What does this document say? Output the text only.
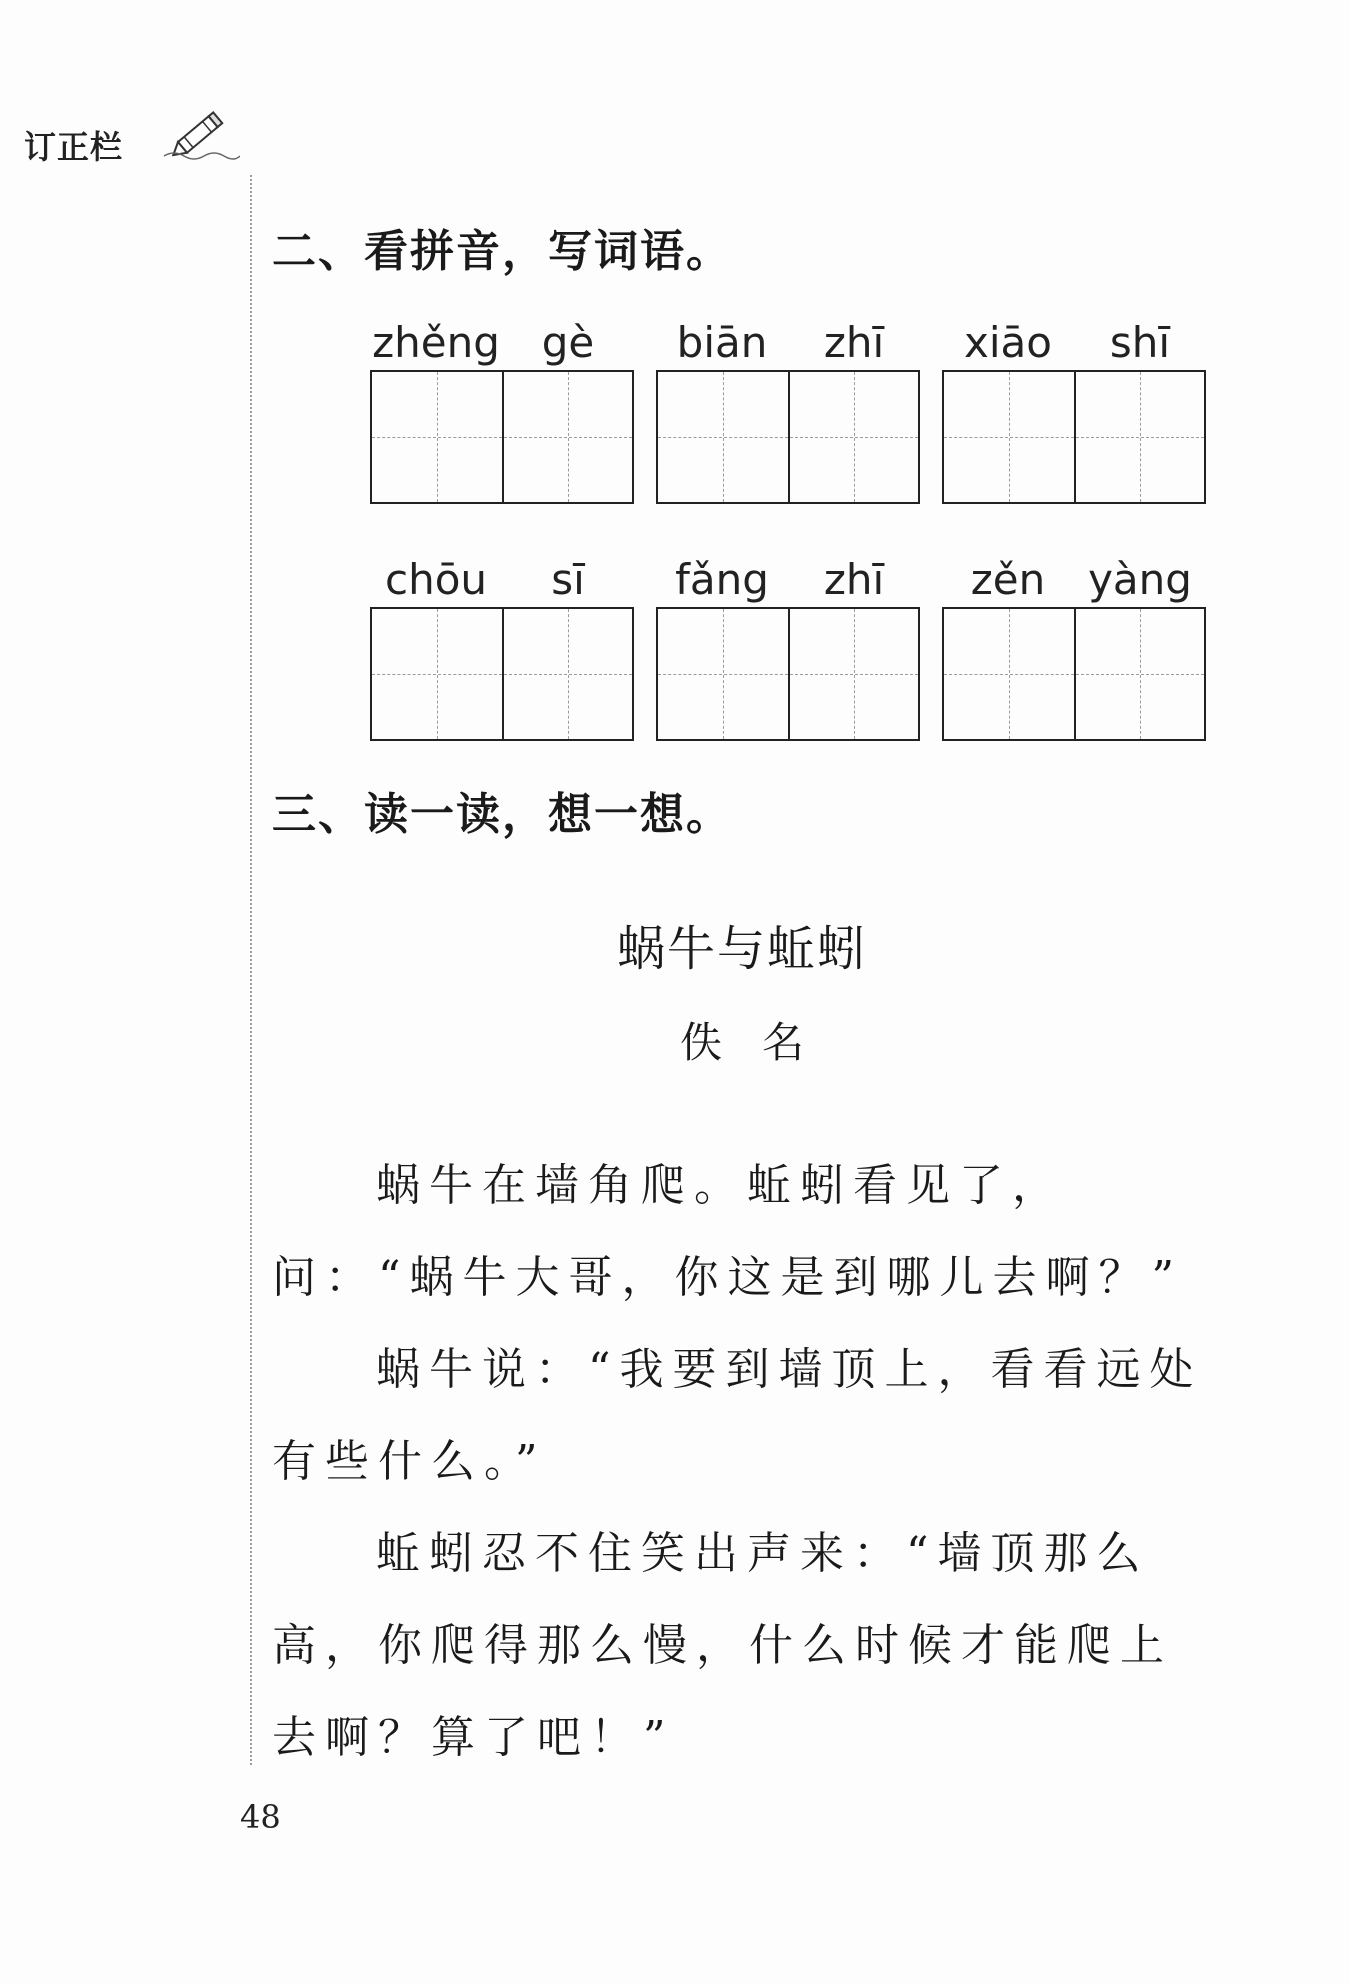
订正栏
二、看拼音，写词语。
zhěng gè	biān	zhī	xiāo	shī
chōu	sī	fǎng	zhī	zěn	yàng
三、读一读，想一想。
蜗牛与蚯蚓
佚名

蜗牛在墙角爬。蚯蚓看见了，问：“蜗牛大哥，你这是到哪儿去啊？”

蜗牛说：“我要到墙顶上，看看远处有些什么。”

蚯蚓忍不住笑出声来：“墙顶那么高，你爬得那么慢，什么时候才能爬上去啊？算了吧！”

48
